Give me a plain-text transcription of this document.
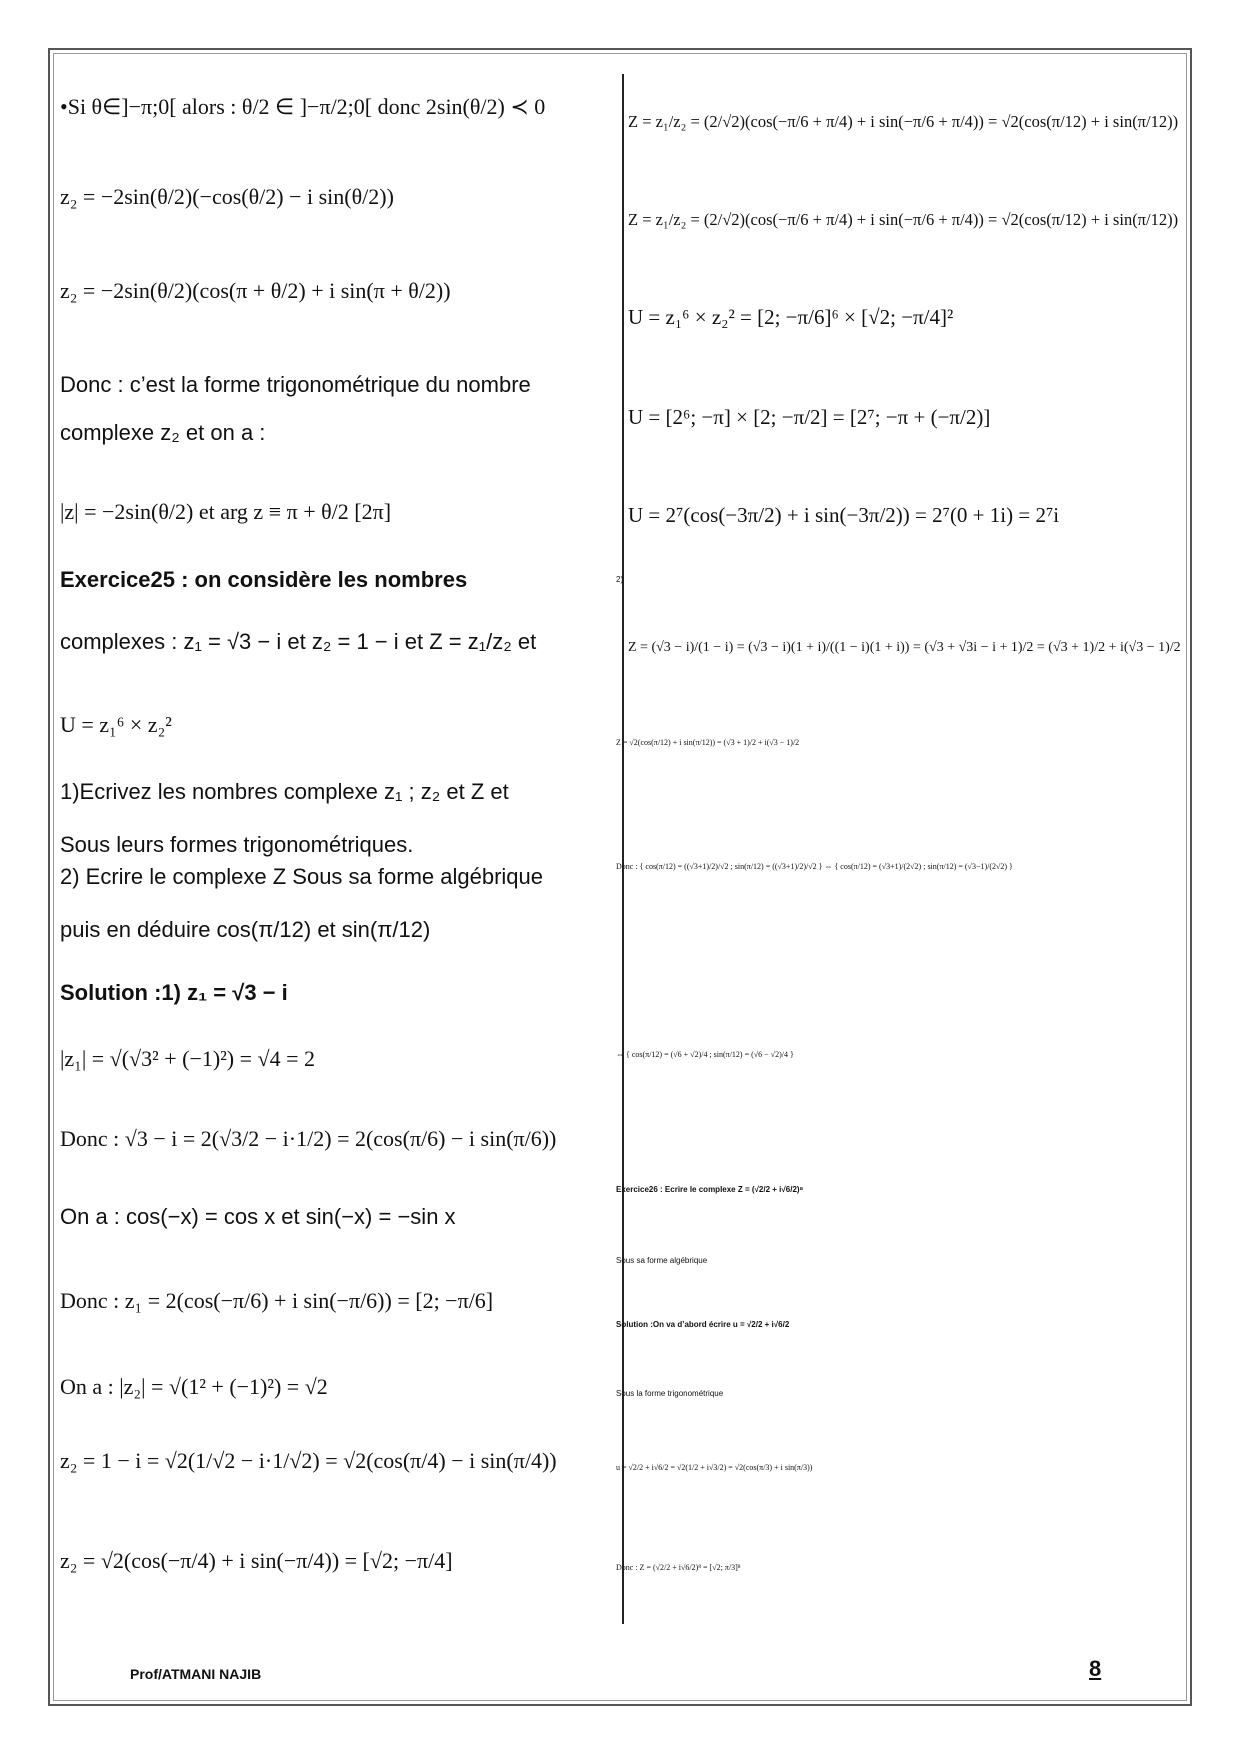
•Si θ∈]−π;0[ alors : θ/2 ∈ ]−π/2;0[ donc 2sin(θ/2) ≺ 0
z₂ = −2sin(θ/2)(−cos(θ/2) − i sin(θ/2))
z₂ = −2sin(θ/2)(cos(π + θ/2) + i sin(π + θ/2))
Donc : c’est la forme trigonométrique du nombre
complexe z₂ et on a :
|z| = −2sin(θ/2) et arg z ≡ π + θ/2 [2π]
Exercice25 : on considère les nombres
complexes : z₁ = √3 − i et z₂ = 1 − i et Z = z₁/z₂ et
U = z₁⁶ × z₂²
1)Ecrivez les nombres complexe z₁ ; z₂ et Z et
Sous leurs formes trigonométriques.
2) Ecrire le complexe Z Sous sa forme algébrique
puis en déduire cos(π/12) et sin(π/12)
Solution :1) z₁ = √3 − i
|z₁| = √(√3² + (−1)²) = √4 = 2
Donc : √3 − i = 2(√3/2 − i·1/2) = 2(cos(π/6) − i sin(π/6))
On a : cos(−x) = cos x et sin(−x) = −sin x
Donc : z₁ = 2(cos(−π/6) + i sin(−π/6)) = [2; −π/6]
On a : |z₂| = √(1² + (−1)²) = √2
z₂ = 1 − i = √2(1/√2 − i·1/√2) = √2(cos(π/4) − i sin(π/4))
z₂ = √2(cos(−π/4) + i sin(−π/4)) = [√2; −π/4]
Z = z₁/z₂ = (2/√2)(cos(−π/6 + π/4) + i sin(−π/6 + π/4)) = √2(cos(π/12) + i sin(π/12))
Z = z₁/z₂ = (2/√2)(cos(−π/6 + π/4) + i sin(−π/6 + π/4)) = √2(cos(π/12) + i sin(π/12))
U = z₁⁶ × z₂² = [2; −π/6]⁶ × [√2; −π/4]²
U = [2⁶; −π] × [2; −π/2] = [2⁷; −π + (−π/2)]
U = 2⁷(cos(−3π/2) + i sin(−3π/2)) = 2⁷(0 + 1i) = 2⁷i
2)
Z = (√3 − i)/(1 − i) = (√3 − i)(1 + i)/((1 − i)(1 + i)) = (√3 + √3i − i + 1)/2 = (√3 + 1)/2 + i(√3 − 1)/2
Z = √2(cos(π/12) + i sin(π/12)) = (√3 + 1)/2 + i(√3 − 1)/2
Donc : { cos(π/12) = ((√3+1)/2)/√2 ; sin(π/12) = ((√3+1)/2)/√2 } ⇔ { cos(π/12) = (√3+1)/(2√2) ; sin(π/12) = (√3−1)/(2√2) }
⇔ { cos(π/12) = (√6 + √2)/4 ; sin(π/12) = (√6 − √2)/4 }
Exercice26 : Ecrire le complexe Z = (√2/2 + i√6/2)⁸
Sous sa forme algébrique
Solution :On va d’abord écrire u = √2/2 + i√6/2
Sous la forme trigonométrique
u = √2/2 + i√6/2 = √2(1/2 + i√3/2) = √2(cos(π/3) + i sin(π/3))
Donc : Z = (√2/2 + i√6/2)⁸ = [√2; π/3]⁸
Prof/ATMANI NAJIB	8
